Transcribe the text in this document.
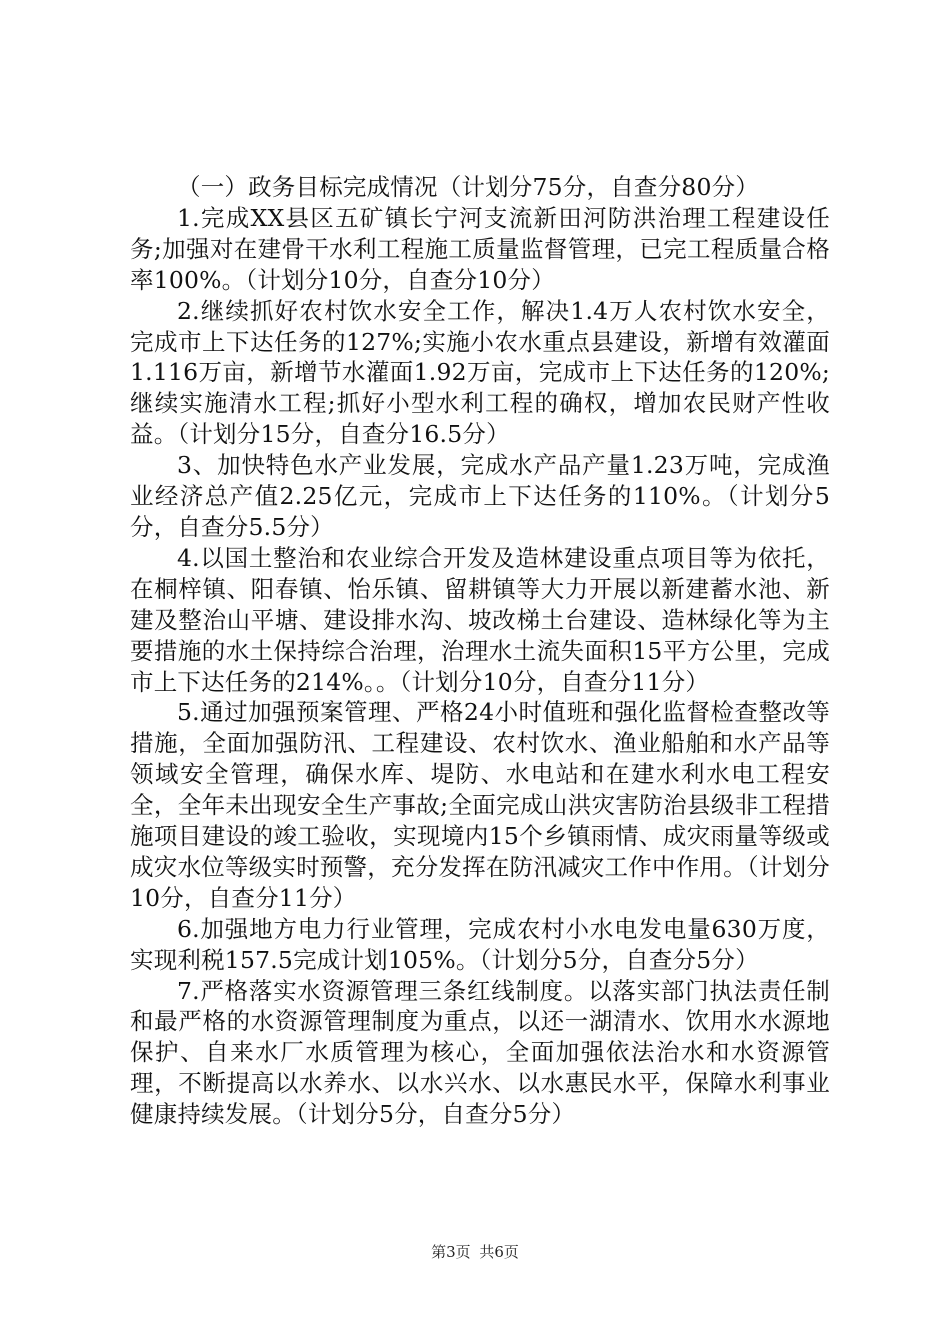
（一）政务目标完成情况（计划分75分，自查分80分）

1.完成XX县区五矿镇长宁河支流新田河防洪治理工程建设任务;加强对在建骨干水利工程施工质量监督管理，已完工程质量合格率100%。（计划分10分，自查分10分）

2.继续抓好农村饮水安全工作，解决1.4万人农村饮水安全，完成市上下达任务的127%;实施小农水重点县建设，新增有效灌面1.116万亩，新增节水灌面1.92万亩，完成市上下达任务的120%;继续实施清水工程;抓好小型水利工程的确权，增加农民财产性收益。（计划分15分，自查分16.5分）

3、加快特色水产业发展，完成水产品产量1.23万吨，完成渔业经济总产值2.25亿元，完成市上下达任务的110%。（计划分5分，自查分5.5分）

4.以国土整治和农业综合开发及造林建设重点项目等为依托，在桐梓镇、阳春镇、怡乐镇、留耕镇等大力开展以新建蓄水池、新建及整治山平塘、建设排水沟、坡改梯土台建设、造林绿化等为主要措施的水土保持综合治理，治理水土流失面积15平方公里，完成市上下达任务的214%。。（计划分10分，自查分11分）

5.通过加强预案管理、严格24小时值班和强化监督检查整改等措施，全面加强防汛、工程建设、农村饮水、渔业船舶和水产品等领域安全管理，确保水库、堤防、水电站和在建水利水电工程安全，全年未出现安全生产事故;全面完成山洪灾害防治县级非工程措施项目建设的竣工验收，实现境内15个乡镇雨情、成灾雨量等级或成灾水位等级实时预警，充分发挥在防汛减灾工作中作用。（计划分10分，自查分11分）

6.加强地方电力行业管理，完成农村小水电发电量630万度，实现利税157.5完成计划105%。（计划分5分，自查分5分）

7.严格落实水资源管理三条红线制度。以落实部门执法责任制和最严格的水资源管理制度为重点，以还一湖清水、饮用水水源地保护、自来水厂水质管理为核心，全面加强依法治水和水资源管理，不断提高以水养水、以水兴水、以水惠民水平，保障水利事业健康持续发展。（计划分5分，自查分5分）

第3页 共6页
